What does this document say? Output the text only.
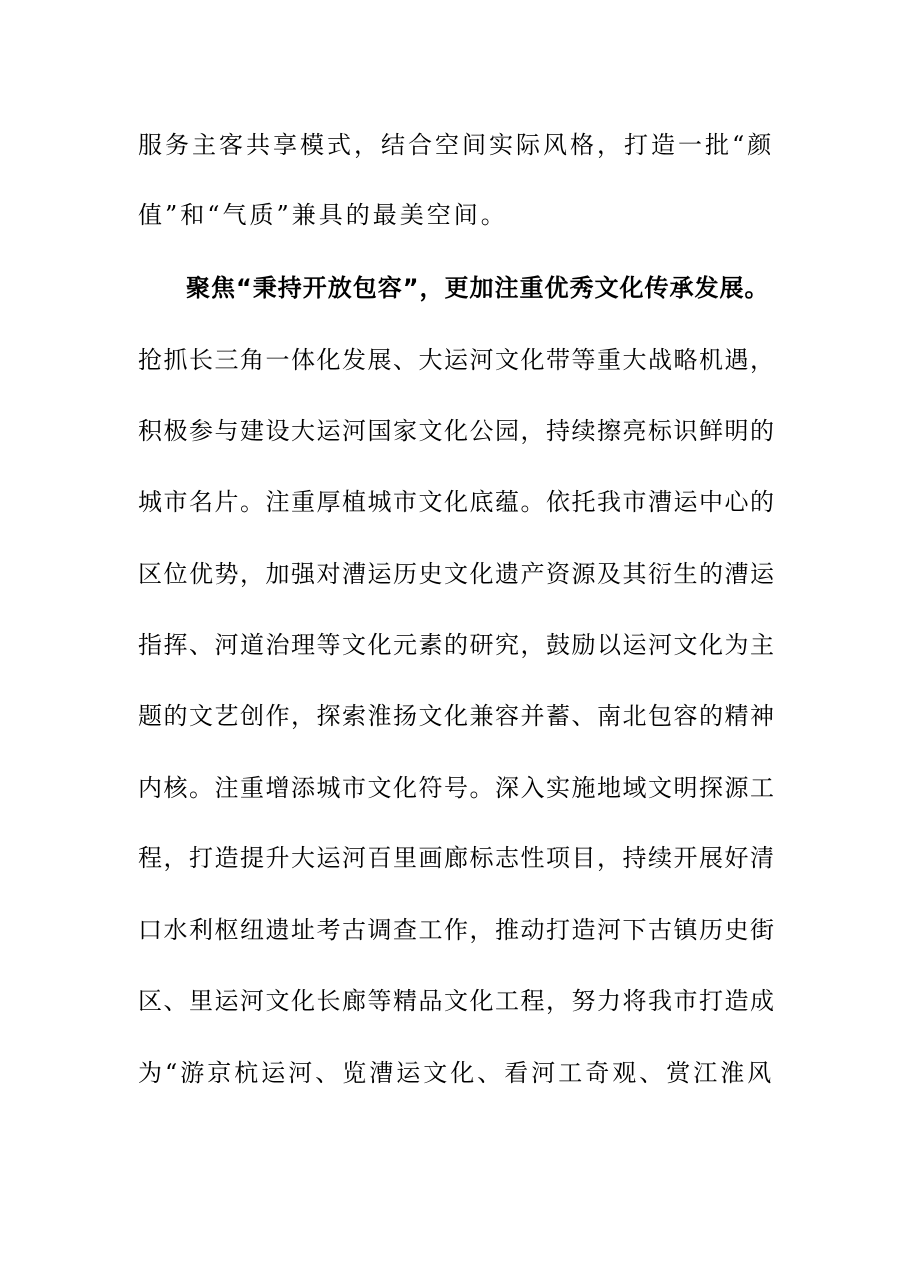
服务主客共享模式，结合空间实际风格，打造一批“颜
值”和“气质”兼具的最美空间。
聚焦“秉持开放包容”，更加注重优秀文化传承发展。
抢抓长三角一体化发展、大运河文化带等重大战略机遇，
积极参与建设大运河国家文化公园，持续擦亮标识鲜明的
城市名片。注重厚植城市文化底蕴。依托我市漕运中心的
区位优势，加强对漕运历史文化遗产资源及其衍生的漕运
指挥、河道治理等文化元素的研究，鼓励以运河文化为主
题的文艺创作，探索淮扬文化兼容并蓄、南北包容的精神
内核。注重增添城市文化符号。深入实施地域文明探源工
程，打造提升大运河百里画廊标志性项目，持续开展好清
口水利枢纽遗址考古调查工作，推动打造河下古镇历史街
区、里运河文化长廊等精品文化工程，努力将我市打造成
为“游京杭运河、览漕运文化、看河工奇观、赏江淮风
